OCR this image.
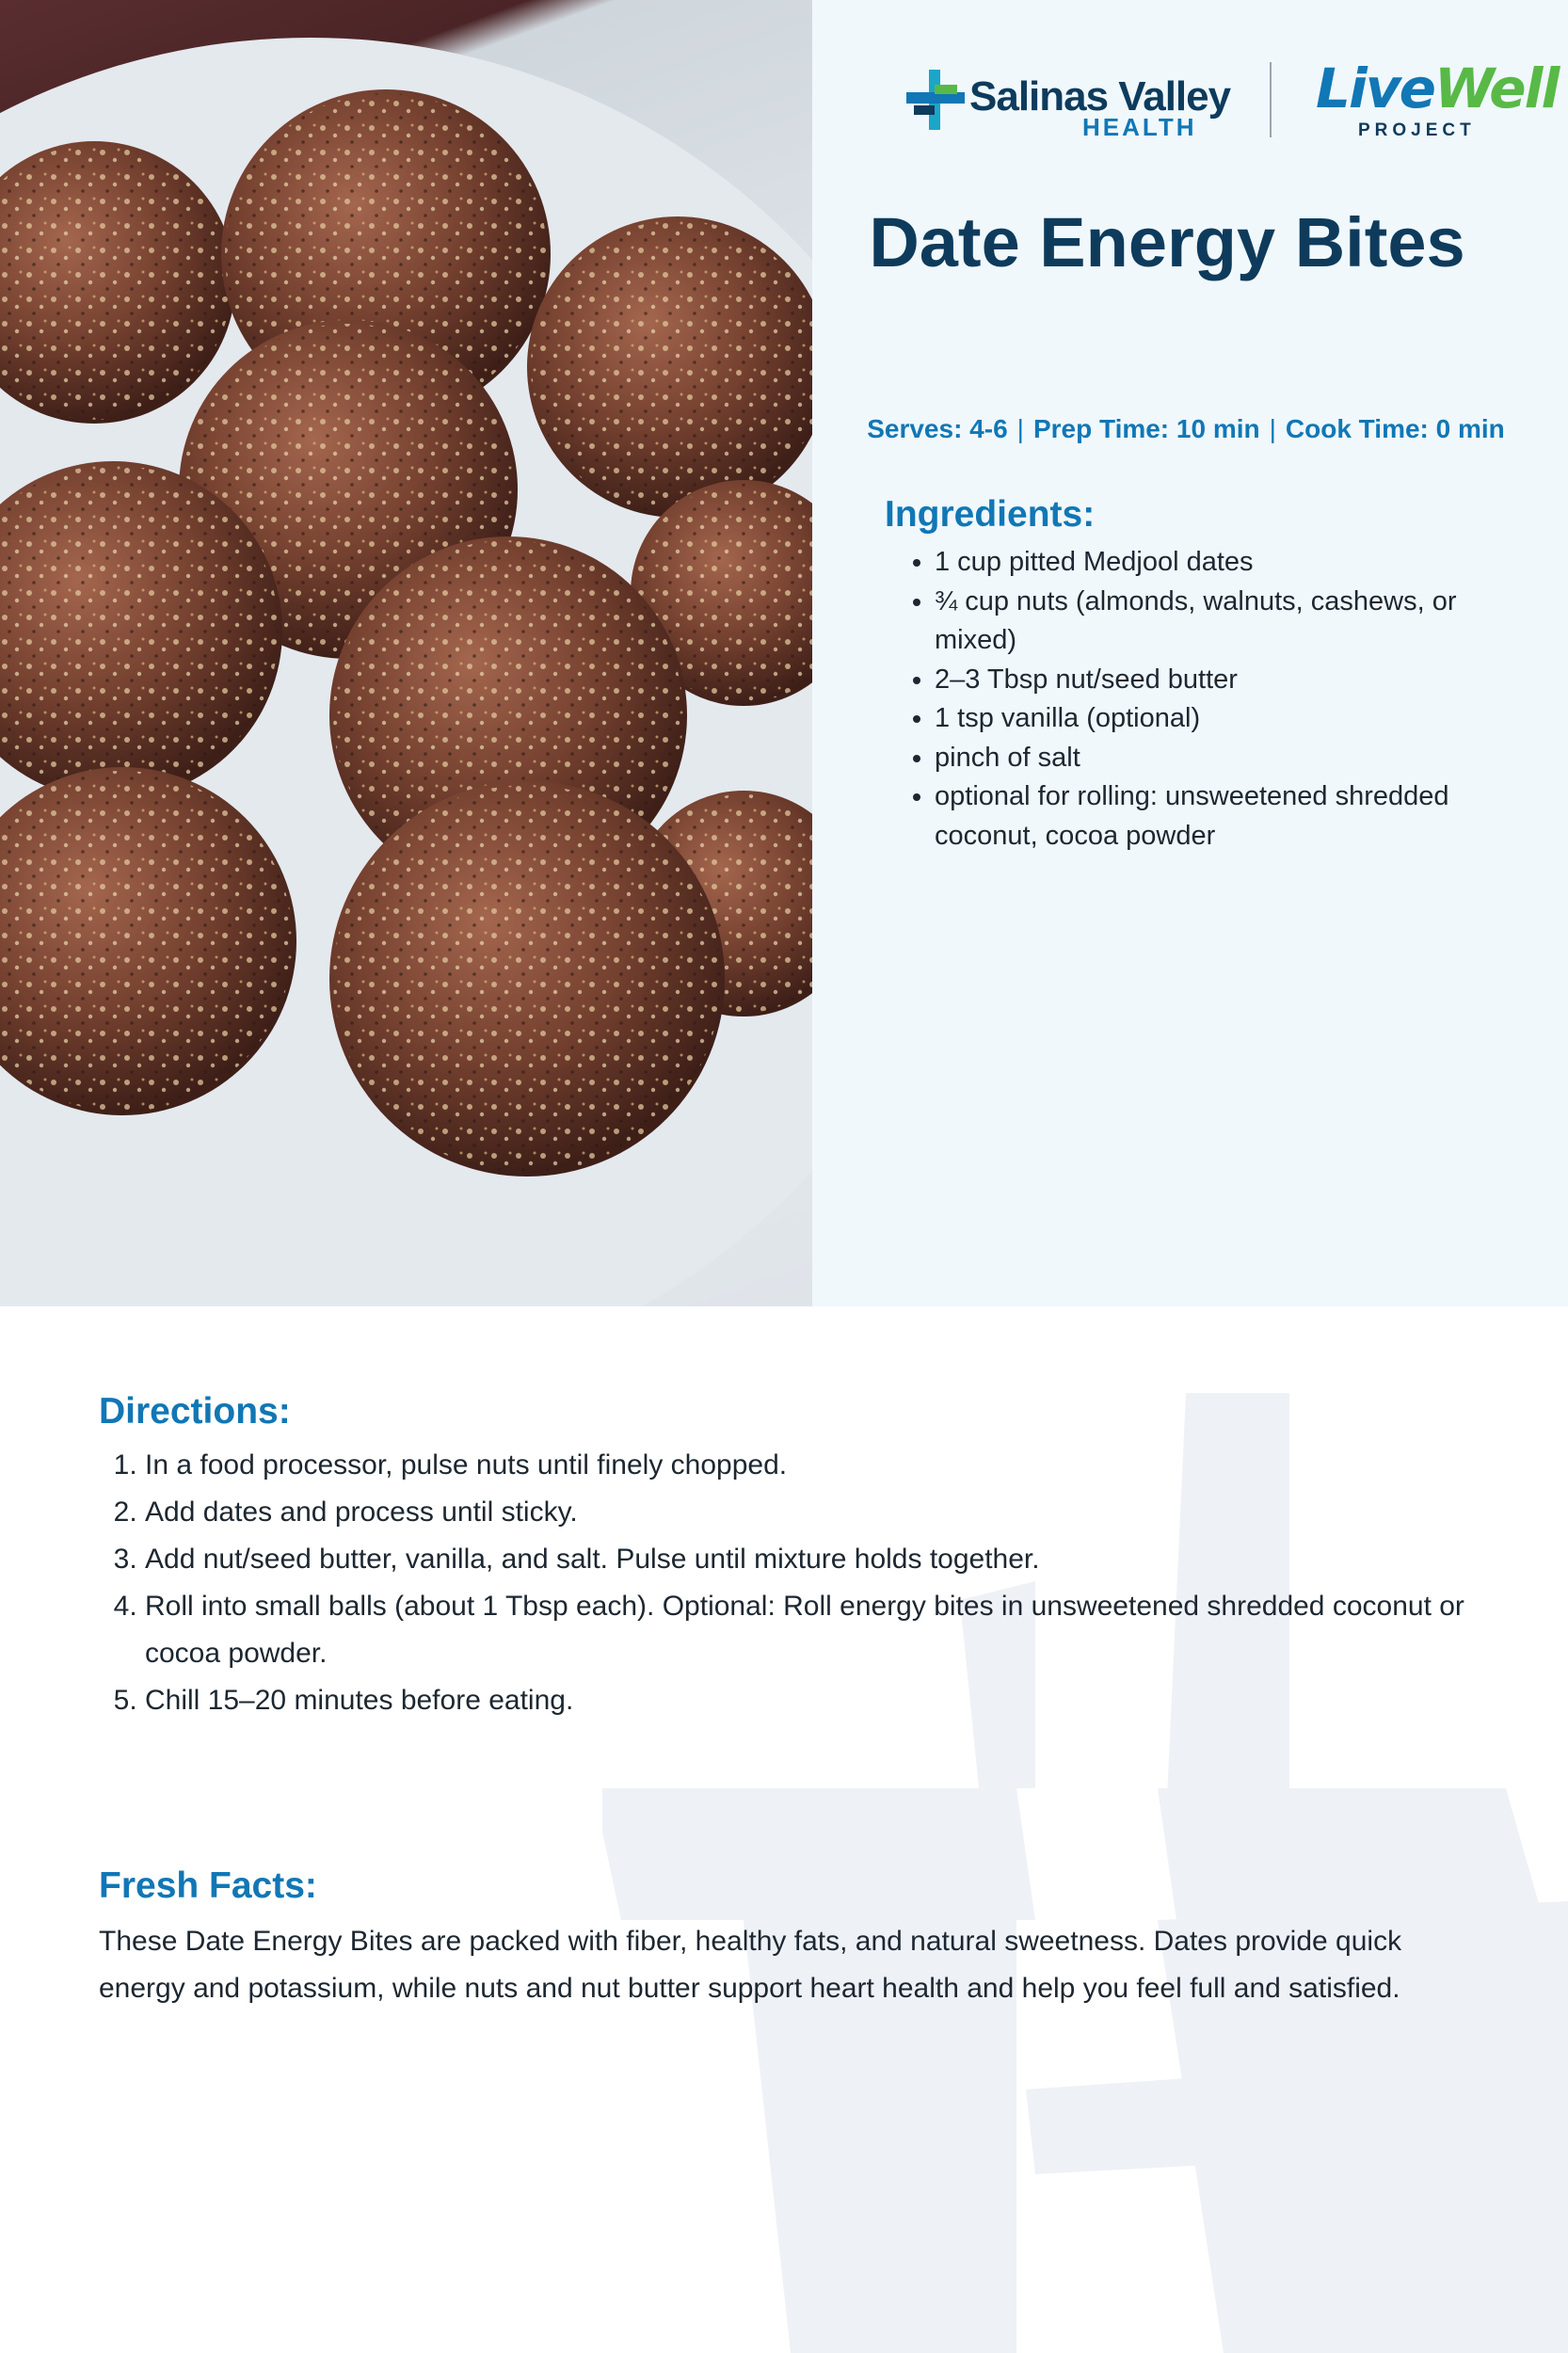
Salinas Valley
HEALTH
LiveWell
PROJECT
Date Energy Bites
Serves: 4-6 | Prep Time: 10 min | Cook Time: 0 min
Ingredients:
• 1 cup pitted Medjool dates
• ¾ cup nuts (almonds, walnuts, cashews, or mixed)
• 2–3 Tbsp nut/seed butter
• 1 tsp vanilla (optional)
• pinch of salt
• optional for rolling: unsweetened shredded coconut, cocoa powder
Directions:
1. In a food processor, pulse nuts until finely chopped.
2. Add dates and process until sticky.
3. Add nut/seed butter, vanilla, and salt. Pulse until mixture holds together.
4. Roll into small balls (about 1 Tbsp each). Optional: Roll energy bites in unsweetened shredded coconut or cocoa powder.
5. Chill 15–20 minutes before eating.
Fresh Facts:

These Date Energy Bites are packed with fiber, healthy fats, and natural sweetness. Dates provide quick energy and potassium, while nuts and nut butter support heart health and help you feel full and satisfied.
